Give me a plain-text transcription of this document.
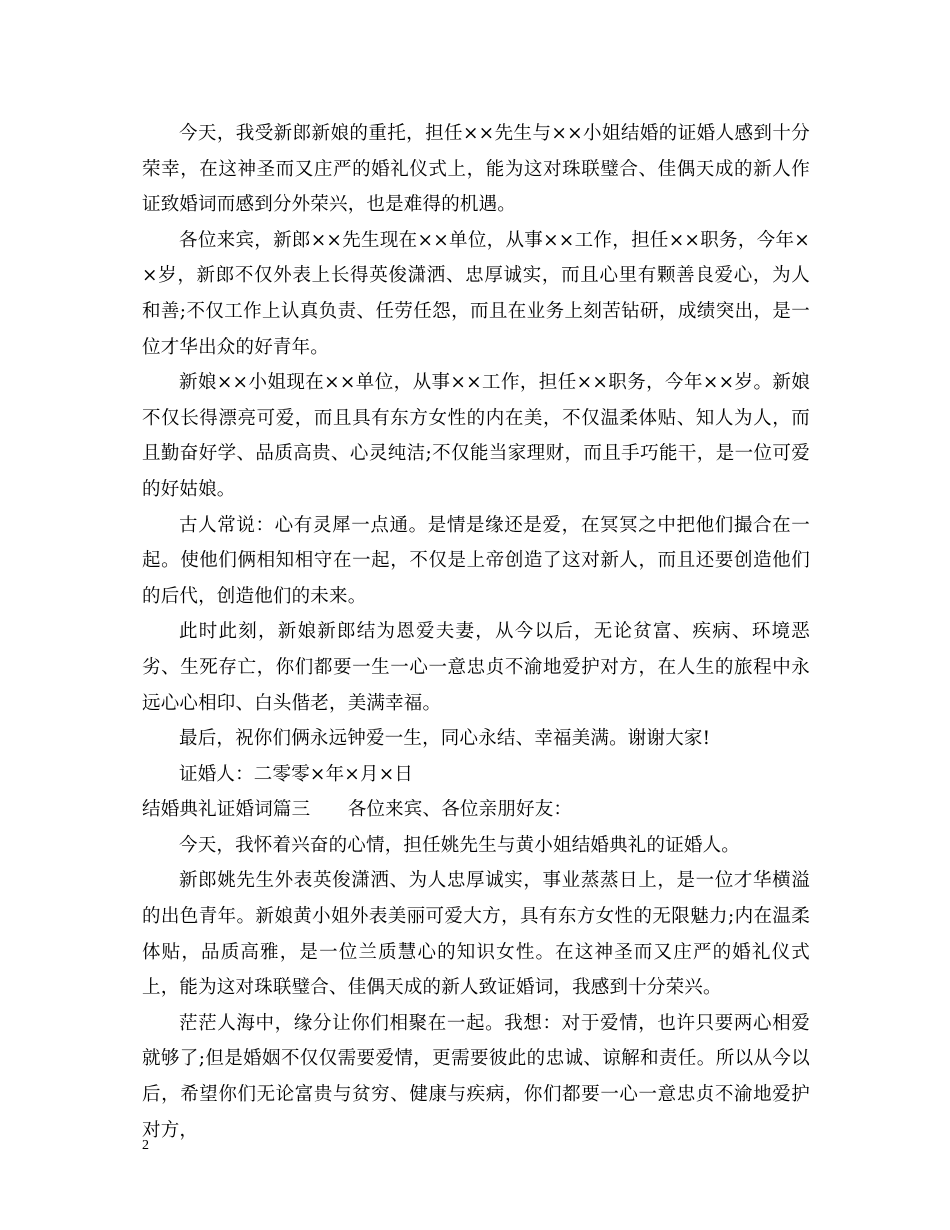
今天，我受新郎新娘的重托，担任××先生与××小姐结婚的证婚人感到十分荣幸，在这神圣而又庄严的婚礼仪式上，能为这对珠联璧合、佳偶天成的新人作证致婚词而感到分外荣兴，也是难得的机遇。

各位来宾，新郎××先生现在××单位，从事××工作，担任××职务，今年××岁，新郎不仅外表上长得英俊潇洒、忠厚诚实，而且心里有颗善良爱心，为人和善;不仅工作上认真负责、任劳任怨，而且在业务上刻苦钻研，成绩突出，是一位才华出众的好青年。

新娘××小姐现在××单位，从事××工作，担任××职务，今年××岁。新娘不仅长得漂亮可爱，而且具有东方女性的内在美，不仅温柔体贴、知人为人，而且勤奋好学、品质高贵、心灵纯洁;不仅能当家理财，而且手巧能干，是一位可爱的好姑娘。

古人常说：心有灵犀一点通。是情是缘还是爱，在冥冥之中把他们撮合在一起。使他们俩相知相守在一起，不仅是上帝创造了这对新人，而且还要创造他们的后代，创造他们的未来。

此时此刻，新娘新郎结为恩爱夫妻，从今以后，无论贫富、疾病、环境恶劣、生死存亡，你们都要一生一心一意忠贞不渝地爱护对方，在人生的旅程中永远心心相印、白头偕老，美满幸福。

最后，祝你们俩永远钟爱一生，同心永结、幸福美满。谢谢大家!

证婚人：二零零×年×月×日

结婚典礼证婚词篇三　　各位来宾、各位亲朋好友：

今天，我怀着兴奋的心情，担任姚先生与黄小姐结婚典礼的证婚人。

新郎姚先生外表英俊潇洒、为人忠厚诚实，事业蒸蒸日上，是一位才华横溢的出色青年。新娘黄小姐外表美丽可爱大方，具有东方女性的无限魅力;内在温柔体贴，品质高雅，是一位兰质慧心的知识女性。在这神圣而又庄严的婚礼仪式上，能为这对珠联璧合、佳偶天成的新人致证婚词，我感到十分荣兴。

茫茫人海中，缘分让你们相聚在一起。我想：对于爱情，也许只要两心相爱就够了;但是婚姻不仅仅需要爱情，更需要彼此的忠诚、谅解和责任。所以从今以后，希望你们无论富贵与贫穷、健康与疾病，你们都要一心一意忠贞不渝地爱护对方，

2
